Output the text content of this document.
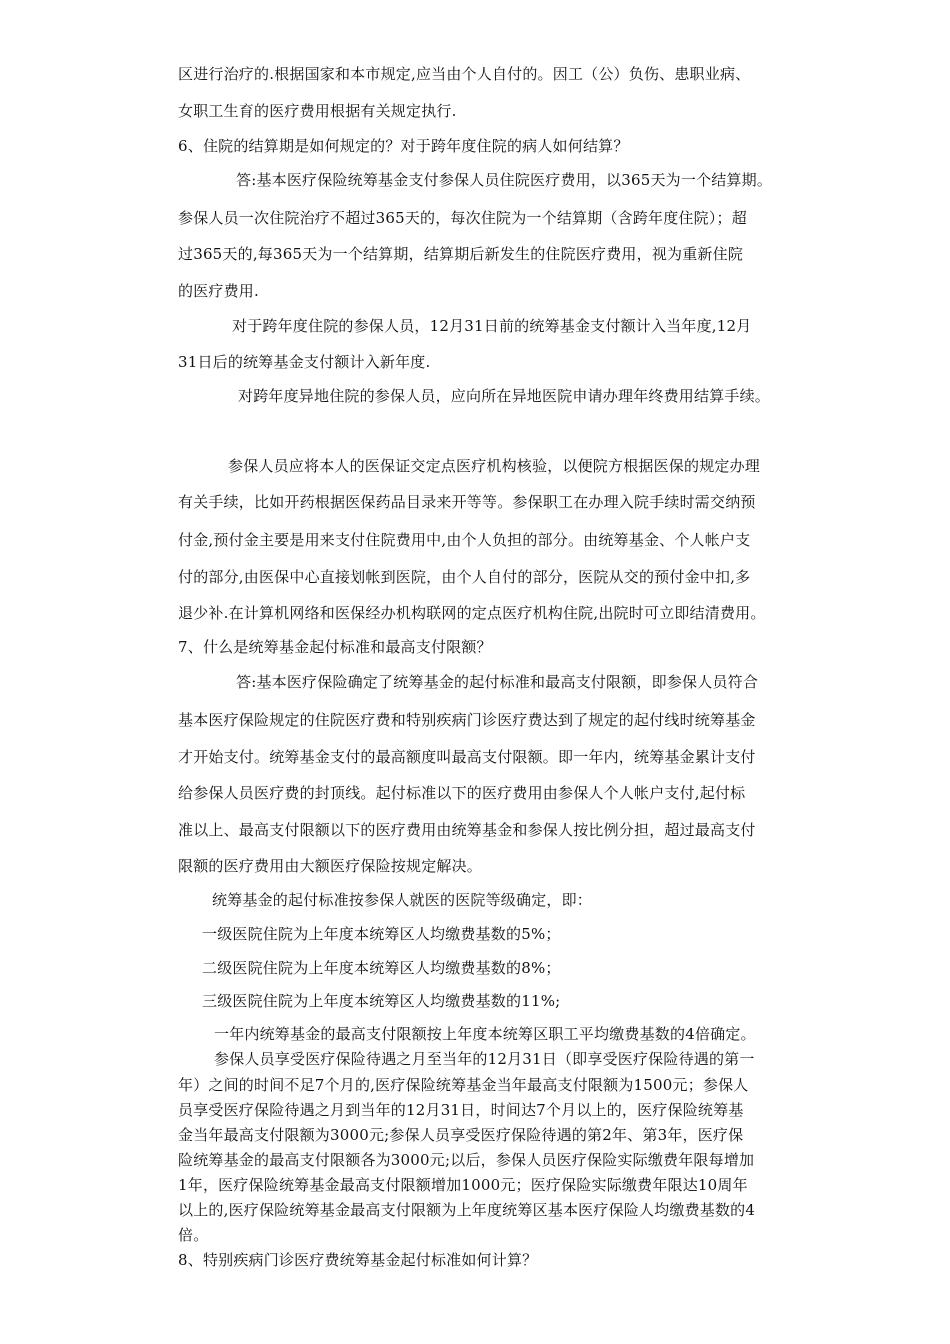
区进行治疗的.根据国家和本市规定,应当由个人自付的。因工（公）负伤、患职业病、
女职工生育的医疗费用根据有关规定执行.
6、住院的结算期是如何规定的？对于跨年度住院的病人如何结算？
答:基本医疗保险统筹基金支付参保人员住院医疗费用，以365天为一个结算期。
参保人员一次住院治疗不超过365天的，每次住院为一个结算期（含跨年度住院）；超
过365天的,每365天为一个结算期，结算期后新发生的住院医疗费用，视为重新住院
的医疗费用.
对于跨年度住院的参保人员，12月31日前的统筹基金支付额计入当年度,12月
31日后的统筹基金支付额计入新年度.
对跨年度异地住院的参保人员，应向所在异地医院申请办理年终费用结算手续。
参保人员应将本人的医保证交定点医疗机构核验，以便院方根据医保的规定办理
有关手续，比如开药根据医保药品目录来开等等。参保职工在办理入院手续时需交纳预
付金,预付金主要是用来支付住院费用中,由个人负担的部分。由统筹基金、个人帐户支
付的部分,由医保中心直接划帐到医院，由个人自付的部分，医院从交的预付金中扣,多
退少补.在计算机网络和医保经办机构联网的定点医疗机构住院,出院时可立即结清费用。
7、什么是统筹基金起付标准和最高支付限额？
答:基本医疗保险确定了统筹基金的起付标准和最高支付限额，即参保人员符合
基本医疗保险规定的住院医疗费和特别疾病门诊医疗费达到了规定的起付线时统筹基金
才开始支付。统筹基金支付的最高额度叫最高支付限额。即一年内，统筹基金累计支付
给参保人员医疗费的封顶线。起付标准以下的医疗费用由参保人个人帐户支付,起付标
准以上、最高支付限额以下的医疗费用由统筹基金和参保人按比例分担，超过最高支付
限额的医疗费用由大额医疗保险按规定解决。
统筹基金的起付标准按参保人就医的医院等级确定，即：
一级医院住院为上年度本统筹区人均缴费基数的5%；
二级医院住院为上年度本统筹区人均缴费基数的8%；
三级医院住院为上年度本统筹区人均缴费基数的11%;
一年内统筹基金的最高支付限额按上年度本统筹区职工平均缴费基数的4倍确定。
参保人员享受医疗保险待遇之月至当年的12月31日（即享受医疗保险待遇的第一
年）之间的时间不足7个月的,医疗保险统筹基金当年最高支付限额为1500元；参保人
员享受医疗保险待遇之月到当年的12月31日，时间达7个月以上的，医疗保险统筹基
金当年最高支付限额为3000元;参保人员享受医疗保险待遇的第2年、第3年，医疗保
险统筹基金的最高支付限额各为3000元;以后，参保人员医疗保险实际缴费年限每增加
1年，医疗保险统筹基金最高支付限额增加1000元；医疗保险实际缴费年限达10周年
以上的,医疗保险统筹基金最高支付限额为上年度统筹区基本医疗保险人均缴费基数的4
倍。
8、特别疾病门诊医疗费统筹基金起付标准如何计算？
